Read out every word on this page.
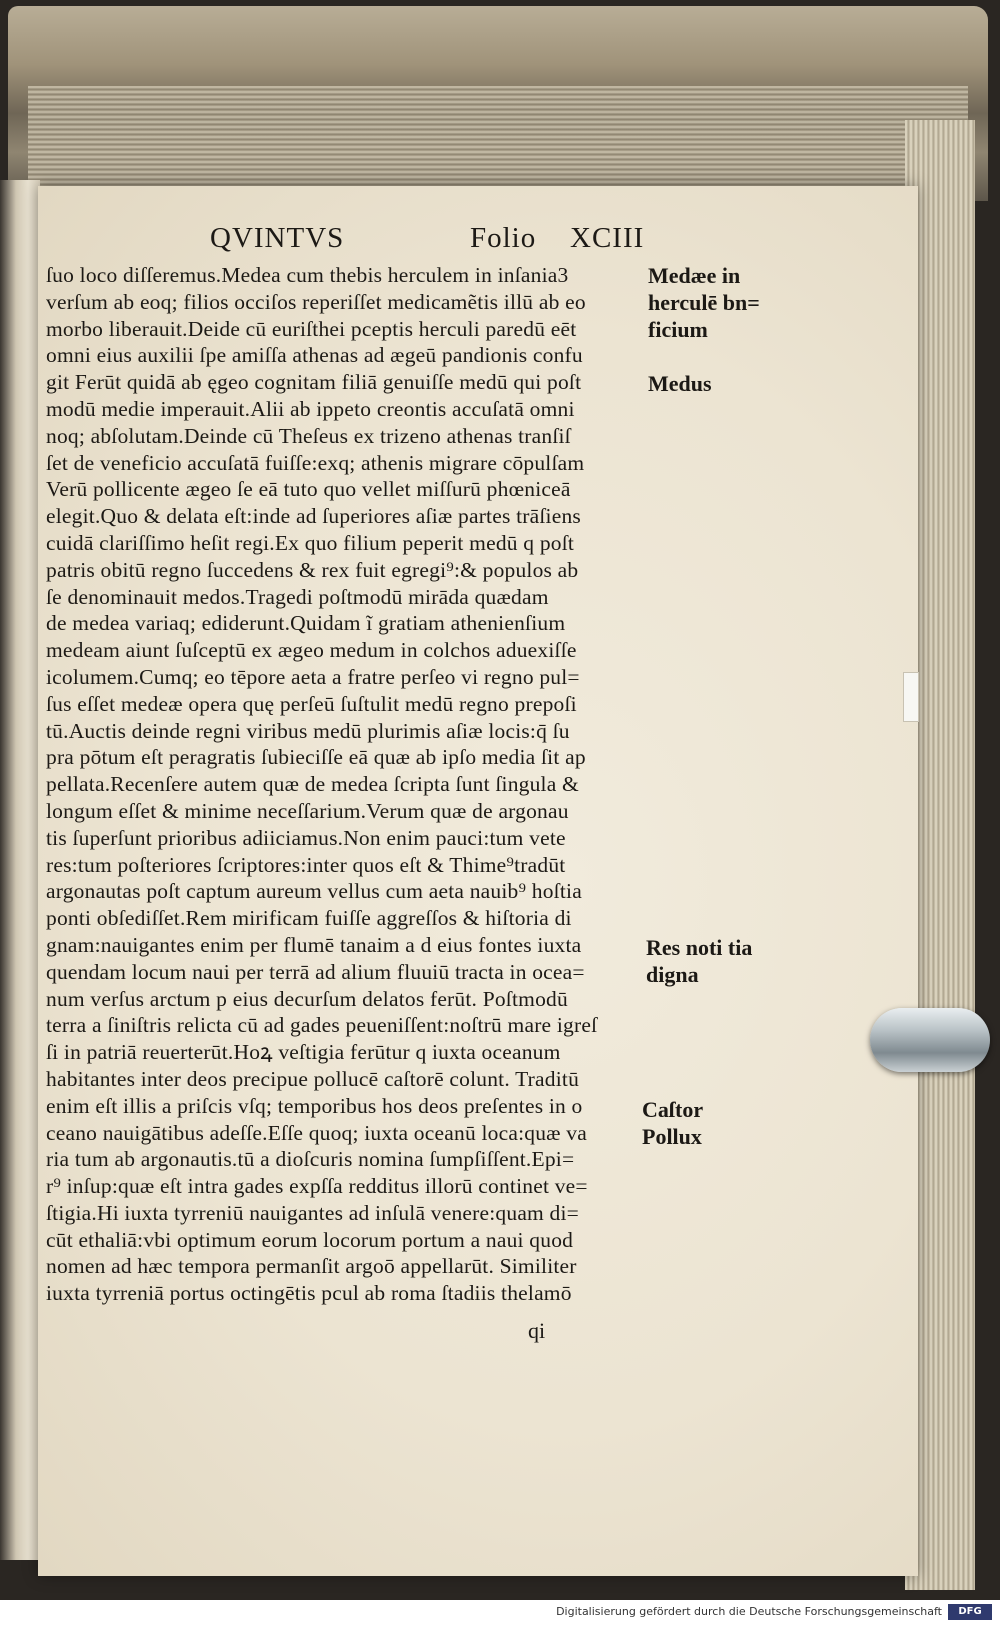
QVINTVS	Folio XCIII
ſuo loco diſſeremus.Medea cum thebis herculem in inſania3
verſum ab eoq; filios occiſos reperiſſet medicamẽtis illū ab eo
morbo liberauit.Deide cū euriſthei pceptis herculi paredū eēt
omni eius auxilii ſpe amiſſa athenas ad ægeū pandionis confu
git Ferūt quidā ab ęgeo cognitam filiā genuiſſe medū qui poſt
modū medie imperauit.Alii ab ippeto creontis accuſatā omni
noq; abſolutam.Deinde cū Theſeus ex trizeno athenas tranſiſ
ſet de veneficio accuſatā fuiſſe:exq; athenis migrare cōpulſam
Verū pollicente ægeo ſe eā tuto quo vellet miſſurū phœniceā
elegit.Quo & delata eſt:inde ad ſuperiores aſiæ partes trāſiens
cuidā clariſſimo heſit regi.Ex quo filium peperit medū q poſt
patris obitū regno ſuccedens & rex fuit egregi⁹:& populos ab
ſe denominauit medos.Tragedi poſtmodū mirāda quædam
de medea variaq; ediderunt.Quidam ĩ gratiam athenienſium
medeam aiunt ſuſceptū ex ægeo medum in colchos aduexiſſe
icolumem.Cumq; eo tēpore aeta a fratre perſeo vi regno pul=
ſus eſſet medeæ opera quę perſeū ſuſtulit medū regno prepoſi
tū.Auctis deinde regni viribus medū plurimis aſiæ locis:q̄ ſu
pra pōtum eſt peragratis ſubieciſſe eā quæ ab ipſo media ſit ap
pellata.Recenſere autem quæ de medea ſcripta ſunt ſingula &
longum eſſet & minime neceſſarium.Verum quæ de argonau
tis ſuperſunt prioribus adiiciamus.Non enim pauci:tum vete
res:tum poſteriores ſcriptores:inter quos eſt & Thime⁹tradūt
argonautas poſt captum aureum vellus cum aeta nauib⁹ hoſtia
ponti obſediſſet.Rem mirificam fuiſſe aggreſſos & hiſtoria di
gnam:nauigantes enim per flumē tanaim a d eius fontes iuxta
quendam locum naui per terrā ad alium fluuiū tracta in ocea=
num verſus arctum p eius decurſum delatos ferūt. Poſtmodū
terra a ſiniſtris relicta cū ad gades peueniſſent:noſtrū mare igreſ
ſi in patriā reuerterūt.Hoꝝ veſtigia ferūtur q iuxta oceanum
habitantes inter deos precipue pollucē caſtorē colunt. Traditū
enim eſt illis a priſcis vſq; temporibus hos deos preſentes in o
ceano nauigātibus adeſſe.Eſſe quoq; iuxta oceanū loca:quæ va
ria tum ab argonautis.tū a dioſcuris nomina ſumpſiſſent.Epi=
r⁹ inſup:quæ eſt intra gades expſſa redditus illorū continet ve=
ſtigia.Hi iuxta tyrreniū nauigantes ad inſulā venere:quam di=
cūt ethaliā:vbi optimum eorum locorum portum a naui quod
nomen ad hæc tempora permanſit argoō appellarūt. Similiter
iuxta tyrreniā portus octingētis pcul ab roma ſtadiis thelamō
Medæe in
herculē bn=
ficium
Medus
Res noti tia
digna
Caſtor
Pollux
qi
Digitalisierung gefördert durch die Deutsche Forschungsgemeinschaft	DFG
